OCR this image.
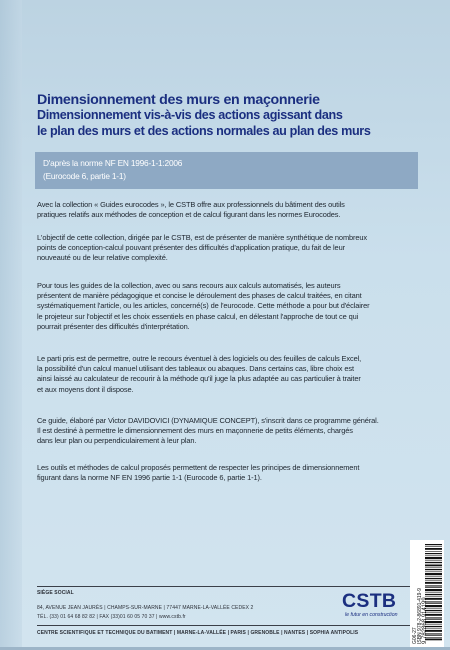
Dimensionnement des murs en maçonnerie
Dimensionnement vis-à-vis des actions agissant dans
le plan des murs et des actions normales au plan des murs
D'après la norme NF EN 1996-1-1:2006
(Eurocode 6, partie 1-1)

Avec la collection « Guides eurocodes », le CSTB offre aux professionnels du bâtiment des outils

pratiques relatifs aux méthodes de conception et de calcul figurant dans les normes Eurocodes.

L'objectif de cette collection, dirigée par le CSTB, est de présenter de manière synthétique de nombreux

points de conception-calcul pouvant présenter des difficultés d'application pratique, du fait de leur

nouveauté ou de leur relative complexité.

Pour tous les guides de la collection, avec ou sans recours aux calculs automatisés, les auteurs

présentent de manière pédagogique et concise le déroulement des phases de calcul traitées, en citant

systématiquement l'article, ou les articles, concerné(s) de l'eurocode. Cette méthode a pour but d'éclairer

le projeteur sur l'objectif et les choix essentiels en phase calcul, en délestant l'approche de tout ce qui

pourrait présenter des difficultés d'interprétation.

Le parti pris est de permettre, outre le recours éventuel à des logiciels ou des feuilles de calculs Excel,

la possibilité d'un calcul manuel utilisant des tableaux ou abaques. Dans certains cas, libre choix est

ainsi laissé au calculateur de recourir à la méthode qu'il juge la plus adaptée au cas particulier à traiter

et aux moyens dont il dispose.

Ce guide, élaboré par Victor DAVIDOVICI (DYNAMIQUE CONCEPT), s'inscrit dans ce programme général.

Il est destiné à permettre le dimensionnement des murs en maçonnerie de petits éléments, chargés

dans leur plan ou perpendiculairement à leur plan.

Les outils et méthodes de calcul proposés permettent de respecter les principes de dimensionnement

figurant dans la norme NF EN 1996 partie 1-1 (Eurocode 6, partie 1-1).

SIÈGE SOCIAL
84, AVENUE JEAN JAURÈS | CHAMPS-SUR-MARNE | 77447 MARNE-LA-VALLÉE CEDEX 2
TÉL. (33) 01 64 68 82 82 | FAX (33)01 60 05 70 37 | www.cstb.fr
CENTRE SCIENTIFIQUE ET TECHNIQUE DU BATIMENT | MARNE-LA-VALLÉE | PARIS | GRENOBLE | NANTES | SOPHIA ANTIPOLIS
CSTB
le futur en construction
G06-27 ISBN 978-2-86891-419-9 9 782868 914199
